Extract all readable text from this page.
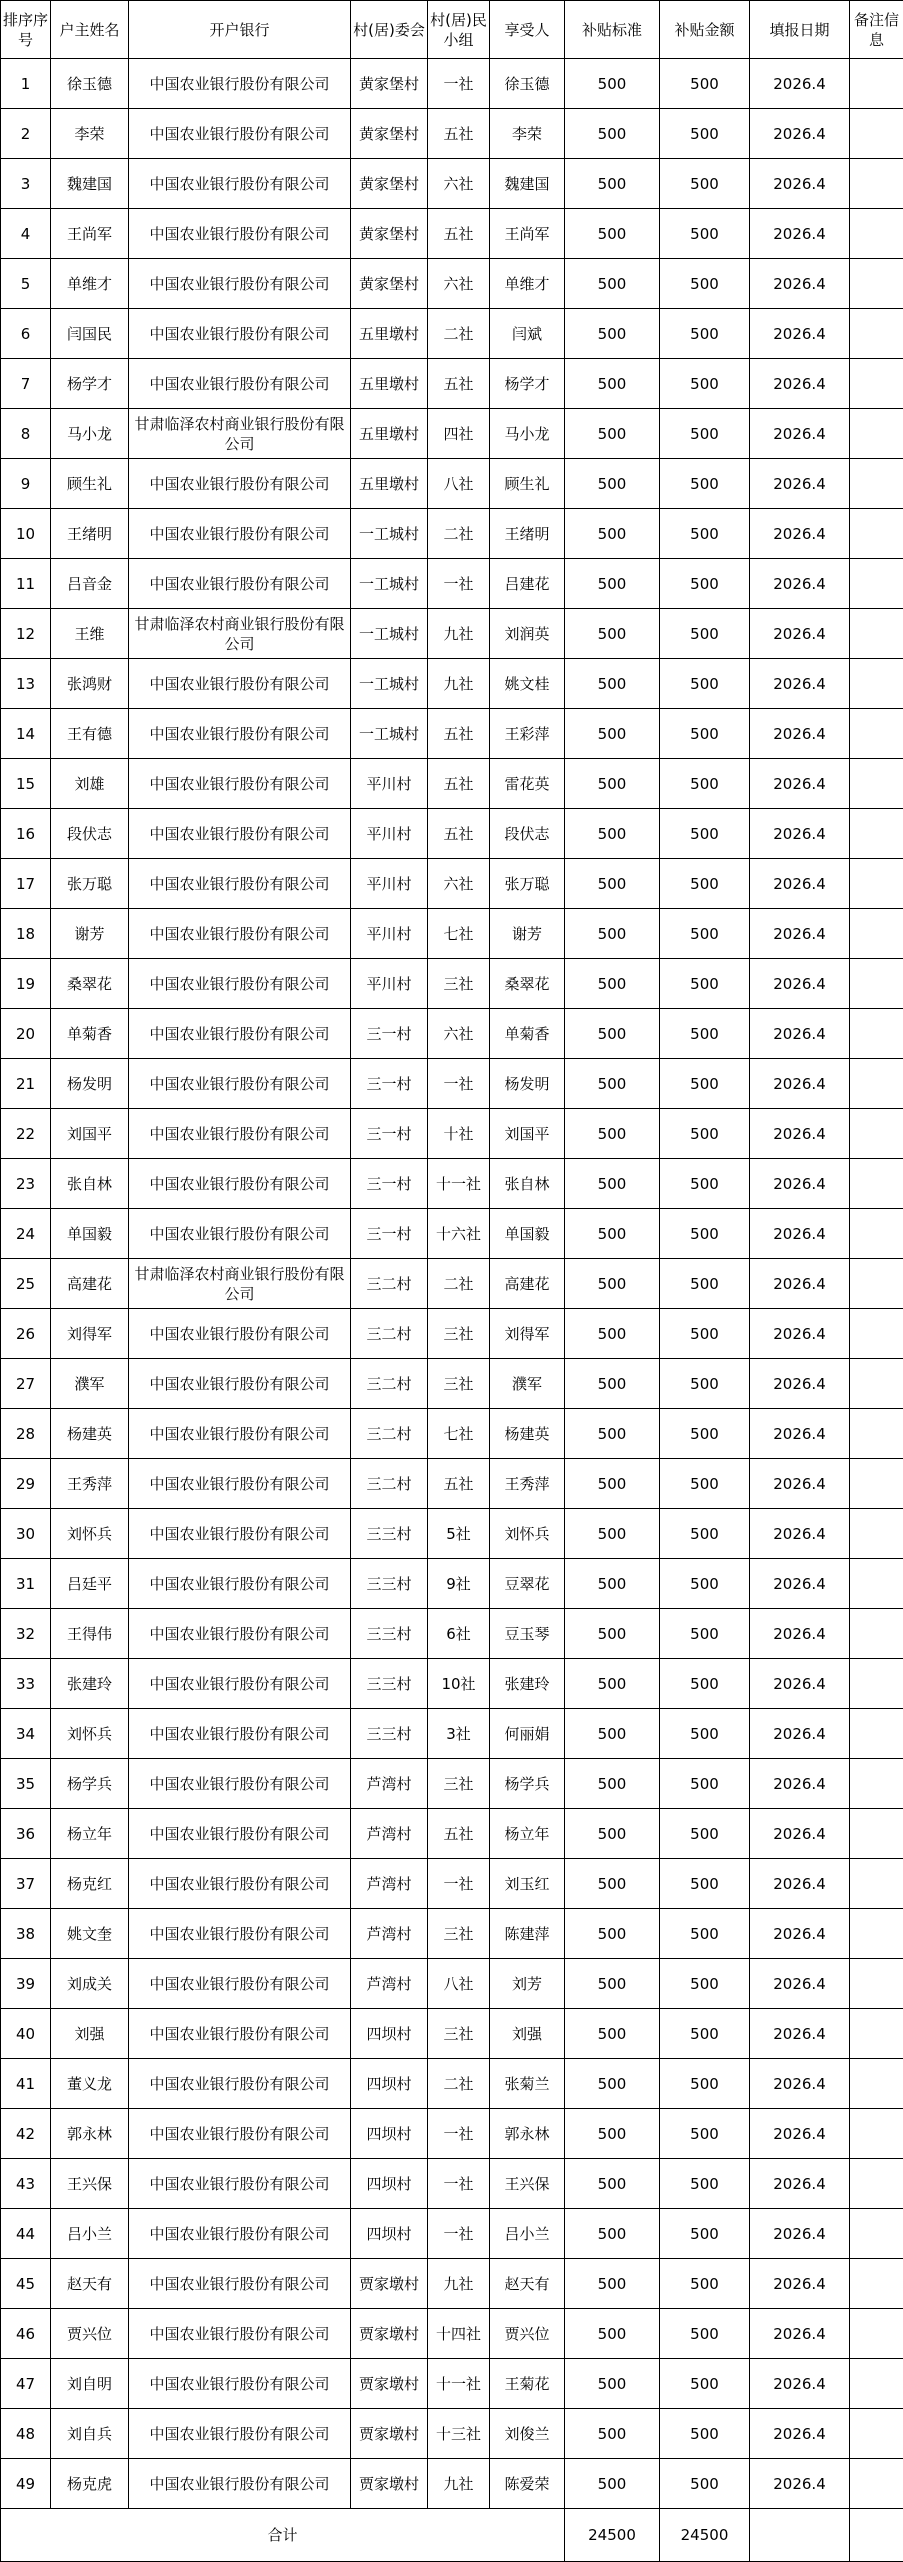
排序序号	户主姓名	开户银行	村(居)委会	村(居)民小组	享受人	补贴标准	补贴金额	填报日期	备注信息
1	徐玉德	中国农业银行股份有限公司	黄家堡村	一社	徐玉德	500	500	2026.4	
2	李荣	中国农业银行股份有限公司	黄家堡村	五社	李荣	500	500	2026.4	
3	魏建国	中国农业银行股份有限公司	黄家堡村	六社	魏建国	500	500	2026.4	
4	王尚军	中国农业银行股份有限公司	黄家堡村	五社	王尚军	500	500	2026.4	
5	单维才	中国农业银行股份有限公司	黄家堡村	六社	单维才	500	500	2026.4	
6	闫国民	中国农业银行股份有限公司	五里墩村	二社	闫斌	500	500	2026.4	
7	杨学才	中国农业银行股份有限公司	五里墩村	五社	杨学才	500	500	2026.4	
8	马小龙	甘肃临泽农村商业银行股份有限公司	五里墩村	四社	马小龙	500	500	2026.4	
9	顾生礼	中国农业银行股份有限公司	五里墩村	八社	顾生礼	500	500	2026.4	
10	王绪明	中国农业银行股份有限公司	一工城村	二社	王绪明	500	500	2026.4	
11	吕音金	中国农业银行股份有限公司	一工城村	一社	吕建花	500	500	2026.4	
12	王维	甘肃临泽农村商业银行股份有限公司	一工城村	九社	刘润英	500	500	2026.4	
13	张鸿财	中国农业银行股份有限公司	一工城村	九社	姚文桂	500	500	2026.4	
14	王有德	中国农业银行股份有限公司	一工城村	五社	王彩萍	500	500	2026.4	
15	刘雄	中国农业银行股份有限公司	平川村	五社	雷花英	500	500	2026.4	
16	段伏志	中国农业银行股份有限公司	平川村	五社	段伏志	500	500	2026.4	
17	张万聪	中国农业银行股份有限公司	平川村	六社	张万聪	500	500	2026.4	
18	谢芳	中国农业银行股份有限公司	平川村	七社	谢芳	500	500	2026.4	
19	桑翠花	中国农业银行股份有限公司	平川村	三社	桑翠花	500	500	2026.4	
20	单菊香	中国农业银行股份有限公司	三一村	六社	单菊香	500	500	2026.4	
21	杨发明	中国农业银行股份有限公司	三一村	一社	杨发明	500	500	2026.4	
22	刘国平	中国农业银行股份有限公司	三一村	十社	刘国平	500	500	2026.4	
23	张自林	中国农业银行股份有限公司	三一村	十一社	张自林	500	500	2026.4	
24	单国毅	中国农业银行股份有限公司	三一村	十六社	单国毅	500	500	2026.4	
25	高建花	甘肃临泽农村商业银行股份有限公司	三二村	二社	高建花	500	500	2026.4	
26	刘得军	中国农业银行股份有限公司	三二村	三社	刘得军	500	500	2026.4	
27	濮军	中国农业银行股份有限公司	三二村	三社	濮军	500	500	2026.4	
28	杨建英	中国农业银行股份有限公司	三二村	七社	杨建英	500	500	2026.4	
29	王秀萍	中国农业银行股份有限公司	三二村	五社	王秀萍	500	500	2026.4	
30	刘怀兵	中国农业银行股份有限公司	三三村	5社	刘怀兵	500	500	2026.4	
31	吕廷平	中国农业银行股份有限公司	三三村	9社	豆翠花	500	500	2026.4	
32	王得伟	中国农业银行股份有限公司	三三村	6社	豆玉琴	500	500	2026.4	
33	张建玲	中国农业银行股份有限公司	三三村	10社	张建玲	500	500	2026.4	
34	刘怀兵	中国农业银行股份有限公司	三三村	3社	何丽娟	500	500	2026.4	
35	杨学兵	中国农业银行股份有限公司	芦湾村	三社	杨学兵	500	500	2026.4	
36	杨立年	中国农业银行股份有限公司	芦湾村	五社	杨立年	500	500	2026.4	
37	杨克红	中国农业银行股份有限公司	芦湾村	一社	刘玉红	500	500	2026.4	
38	姚文奎	中国农业银行股份有限公司	芦湾村	三社	陈建萍	500	500	2026.4	
39	刘成关	中国农业银行股份有限公司	芦湾村	八社	刘芳	500	500	2026.4	
40	刘强	中国农业银行股份有限公司	四坝村	三社	刘强	500	500	2026.4	
41	董义龙	中国农业银行股份有限公司	四坝村	二社	张菊兰	500	500	2026.4	
42	郭永林	中国农业银行股份有限公司	四坝村	一社	郭永林	500	500	2026.4	
43	王兴保	中国农业银行股份有限公司	四坝村	一社	王兴保	500	500	2026.4	
44	吕小兰	中国农业银行股份有限公司	四坝村	一社	吕小兰	500	500	2026.4	
45	赵天有	中国农业银行股份有限公司	贾家墩村	九社	赵天有	500	500	2026.4	
46	贾兴位	中国农业银行股份有限公司	贾家墩村	十四社	贾兴位	500	500	2026.4	
47	刘自明	中国农业银行股份有限公司	贾家墩村	十一社	王菊花	500	500	2026.4	
48	刘自兵	中国农业银行股份有限公司	贾家墩村	十三社	刘俊兰	500	500	2026.4	
49	杨克虎	中国农业银行股份有限公司	贾家墩村	九社	陈爱荣	500	500	2026.4	
合计						24500	24500		
